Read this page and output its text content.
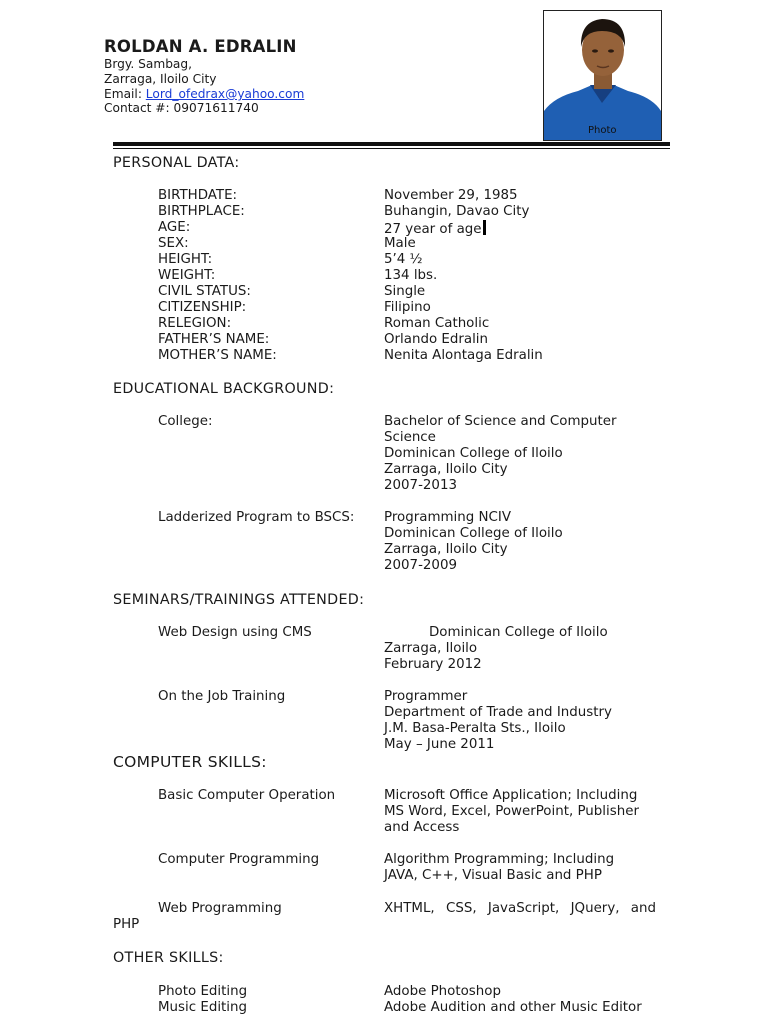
ROLDAN A. EDRALIN
Brgy. Sambag,
Zarraga, Iloilo City
Email: Lord_ofedrax@yahoo.com
Contact #: 09071611740
Photo
PERSONAL DATA:
BIRTHDATE:	November 29, 1985
BIRTHPLACE:	Buhangin, Davao City
AGE:	27 year of age
SEX:	Male
HEIGHT:	5’4 ½
WEIGHT:	134 lbs.
CIVIL STATUS:	Single
CITIZENSHIP:	Filipino
RELEGION:	Roman Catholic
FATHER’S NAME:	Orlando Edralin
MOTHER’S NAME:	Nenita Alontaga Edralin
EDUCATIONAL BACKGROUND:
College:	Bachelor of Science and Computer
Science
Dominican College of Iloilo
Zarraga, Iloilo City
2007-2013
Ladderized Program to BSCS: Programming NCIV
Dominican College of Iloilo
Zarraga, Iloilo City
2007-2009
SEMINARS/TRAININGS ATTENDED:
Web Design using CMS	Dominican College of Iloilo
Zarraga, Iloilo
February 2012
On the Job Training	Programmer
Department of Trade and Industry
J.M. Basa-Peralta Sts., Iloilo
May – June 2011
COMPUTER SKILLS:
Basic Computer Operation	Microsoft Office Application; Including
MS Word, Excel, PowerPoint, Publisher
and Access
Computer Programming	Algorithm Programming; Including
JAVA, C++, Visual Basic and PHP
Web Programming	XHTML, CSS, JavaScript, JQuery, and
PHP
OTHER SKILLS:
Photo Editing	Adobe Photoshop
Music Editing	Adobe Audition and other Music Editor
